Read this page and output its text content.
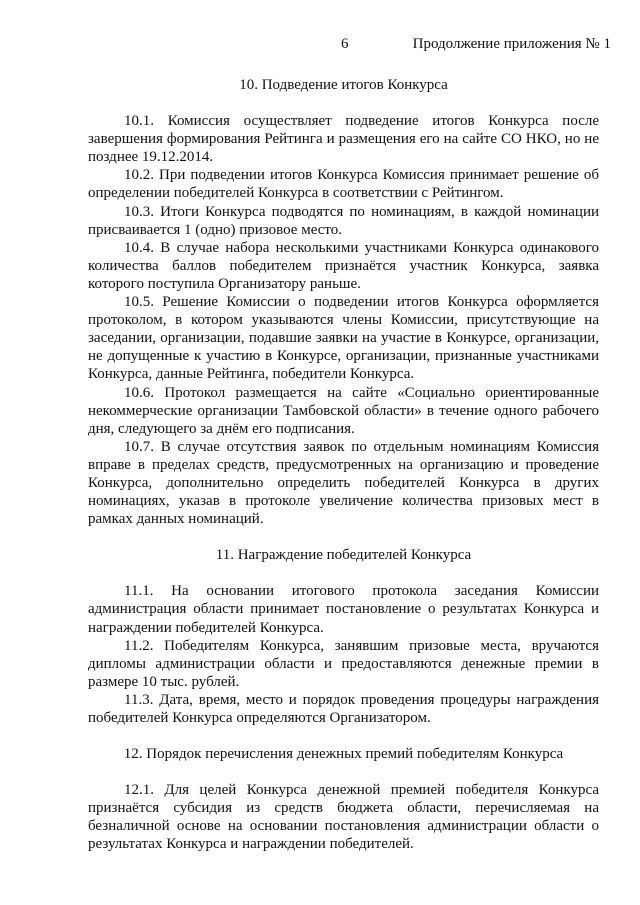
6	Продолжение приложения № 1

10. Подведение итогов Конкурса

10.1. Комиссия осуществляет подведение итогов Конкурса после завершения формирования Рейтинга и размещения его на сайте СО НКО, но не позднее 19.12.2014.

10.2. При подведении итогов Конкурса Комиссия принимает решение об определении победителей Конкурса в соответствии с Рейтингом.

10.3. Итоги Конкурса подводятся по номинациям, в каждой номинации присваивается 1 (одно) призовое место.

10.4. В случае набора несколькими участниками Конкурса одинакового количества баллов победителем признаётся участник Конкурса, заявка которого поступила Организатору раньше.

10.5. Решение Комиссии о подведении итогов Конкурса оформляется протоколом, в котором указываются члены Комиссии, присутствующие на заседании, организации, подавшие заявки на участие в Конкурсе, организации, не допущенные к участию в Конкурсе, организации, признанные участниками Конкурса, данные Рейтинга, победители Конкурса.

10.6. Протокол размещается на сайте «Социально ориентированные некоммерческие организации Тамбовской области» в течение одного рабочего дня, следующего за днём его подписания.

10.7. В случае отсутствия заявок по отдельным номинациям Комиссия вправе в пределах средств, предусмотренных на организацию и проведение Конкурса, дополнительно определить победителей Конкурса в других номинациях, указав в протоколе увеличение количества призовых мест в рамках данных номинаций.

11. Награждение победителей Конкурса

11.1. На основании итогового протокола заседания Комиссии администрация области принимает постановление о результатах Конкурса и награждении победителей Конкурса.

11.2. Победителям Конкурса, занявшим призовые места, вручаются дипломы администрации области и предоставляются денежные премии в размере 10 тыс. рублей.

11.3. Дата, время, место и порядок проведения процедуры награждения победителей Конкурса определяются Организатором.

12. Порядок перечисления денежных премий победителям Конкурса

12.1. Для целей Конкурса денежной премией победителя Конкурса признаётся субсидия из средств бюджета области, перечисляемая на безналичной основе на основании постановления администрации области о результатах Конкурса и награждении победителей.
